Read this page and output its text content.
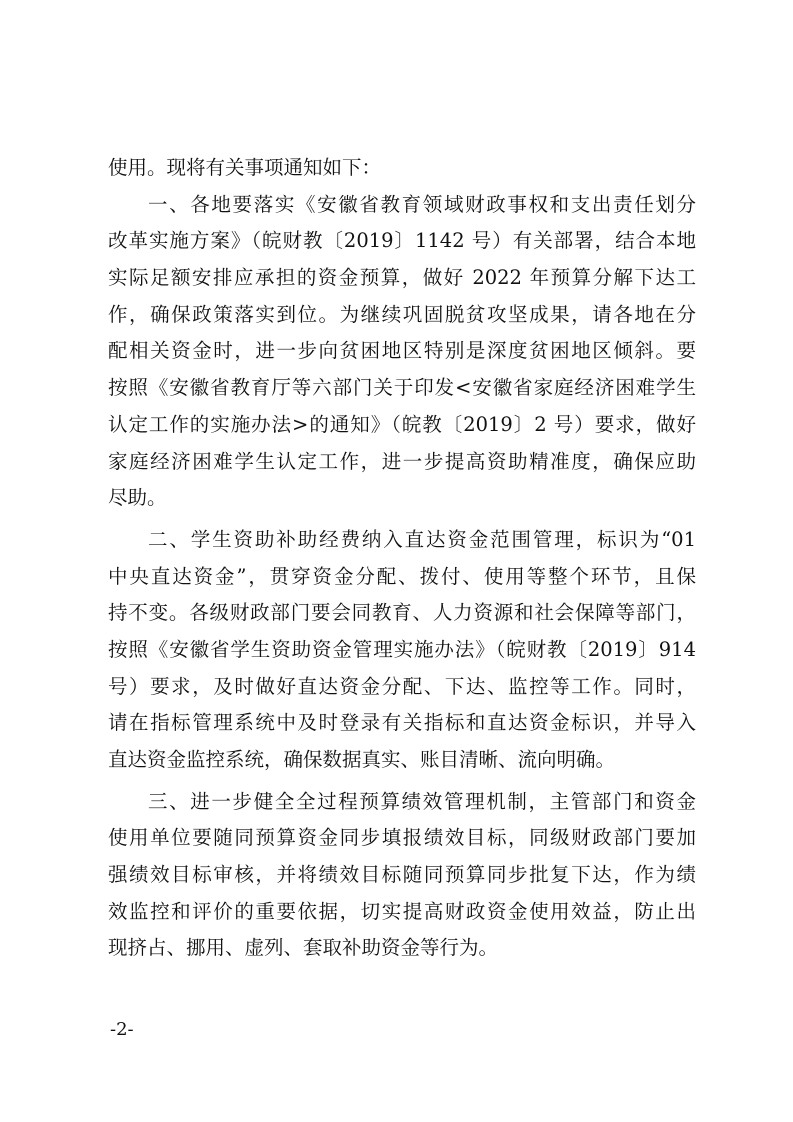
使用。现将有关事项通知如下：
一、各地要落实《安徽省教育领域财政事权和支出责任划分
改革实施方案》（皖财教〔2019〕1142 号）有关部署，结合本地
实际足额安排应承担的资金预算，做好 2022 年预算分解下达工
作，确保政策落实到位。为继续巩固脱贫攻坚成果，请各地在分
配相关资金时，进一步向贫困地区特别是深度贫困地区倾斜。要
按照《安徽省教育厅等六部门关于印发<安徽省家庭经济困难学生
认定工作的实施办法>的通知》（皖教〔2019〕2 号）要求，做好
家庭经济困难学生认定工作，进一步提高资助精准度，确保应助
尽助。
二、学生资助补助经费纳入直达资金范围管理，标识为“01
中央直达资金”，贯穿资金分配、拨付、使用等整个环节，且保
持不变。各级财政部门要会同教育、人力资源和社会保障等部门，
按照《安徽省学生资助资金管理实施办法》（皖财教〔2019〕914
号）要求，及时做好直达资金分配、下达、监控等工作。同时，
请在指标管理系统中及时登录有关指标和直达资金标识，并导入
直达资金监控系统，确保数据真实、账目清晰、流向明确。
三、进一步健全全过程预算绩效管理机制，主管部门和资金
使用单位要随同预算资金同步填报绩效目标，同级财政部门要加
强绩效目标审核，并将绩效目标随同预算同步批复下达，作为绩
效监控和评价的重要依据，切实提高财政资金使用效益，防止出
现挤占、挪用、虚列、套取补助资金等行为。
-2-
